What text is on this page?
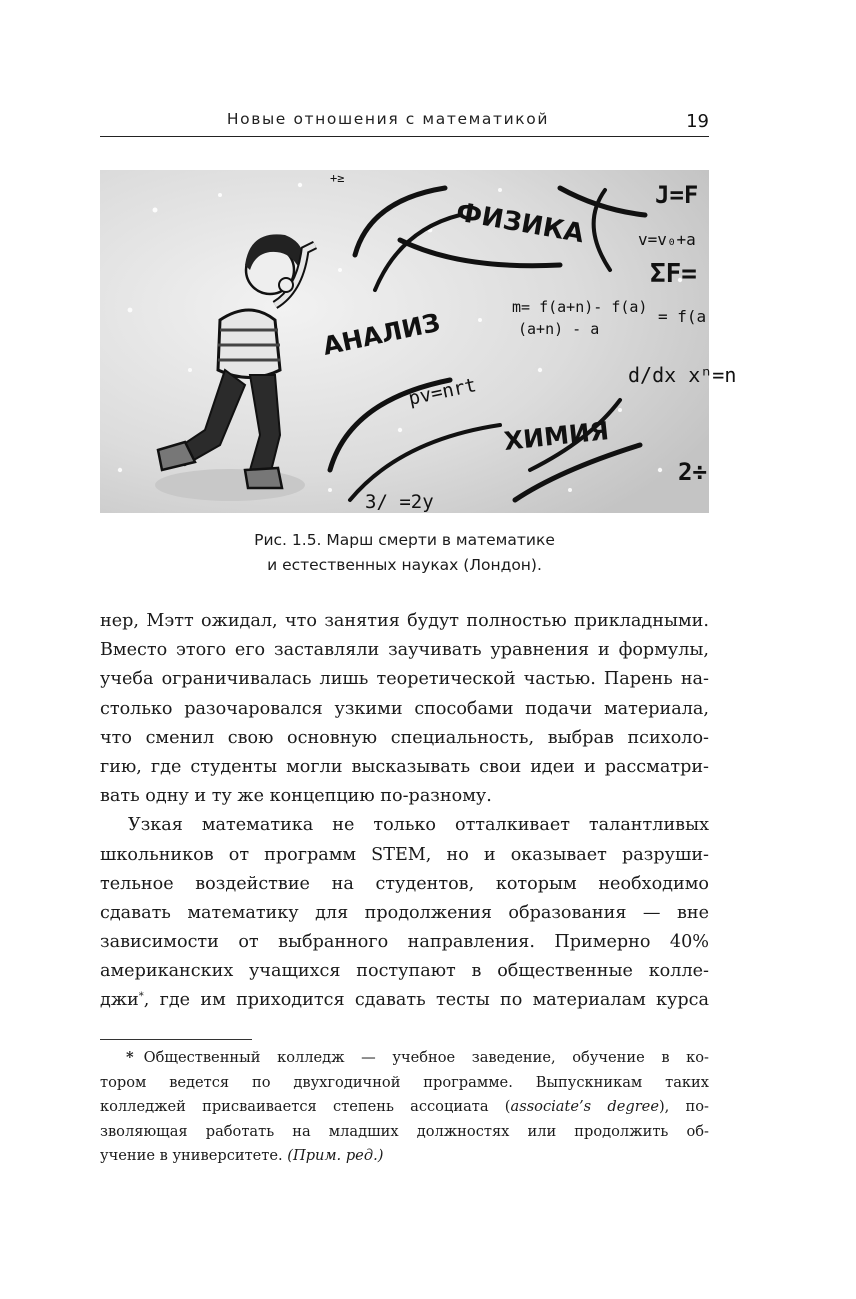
Новые отношения с математикой	19
ФИЗИКА
АНАЛИЗ
ХИМИЯ
pv=nrt
m= f(a+n)- f(a)
(a+n) - a
d/dx xⁿ=n
v=v₀+a
J=F
ΣF=
= f(a
3/ =2y
2÷
+≥
Рис. 1.5. Марш смерти в математике
и естественных науках (Лондон).
нер, Мэтт ожидал, что занятия будут полностью прикладными.
Вместо этого его заставляли заучивать уравнения и формулы,
учеба ограничивалась лишь теоретической частью. Парень на-
столько разочаровался узкими способами подачи материала,
что сменил свою основную специальность, выбрав психоло-
гию, где студенты могли высказывать свои идеи и рассматри-
вать одну и ту же концепцию по-разному.
Узкая математика не только отталкивает талантливых
школьников от программ STEM, но и оказывает разруши-
тельное воздействие на студентов, которым необходимо
сдавать математику для продолжения образования — вне
зависимости от выбранного направления. Примерно 40%
американских учащихся поступают в общественные колле-
джи*, где им приходится сдавать тесты по материалам курса
* Общественный колледж — учебное заведение, обучение в ко-
тором ведется по двухгодичной программе. Выпускникам таких
колледжей присваивается степень ассоциата (associate’s degree), по-
зволяющая работать на младших должностях или продолжить об-
учение в университете. (Прим. ред.)
